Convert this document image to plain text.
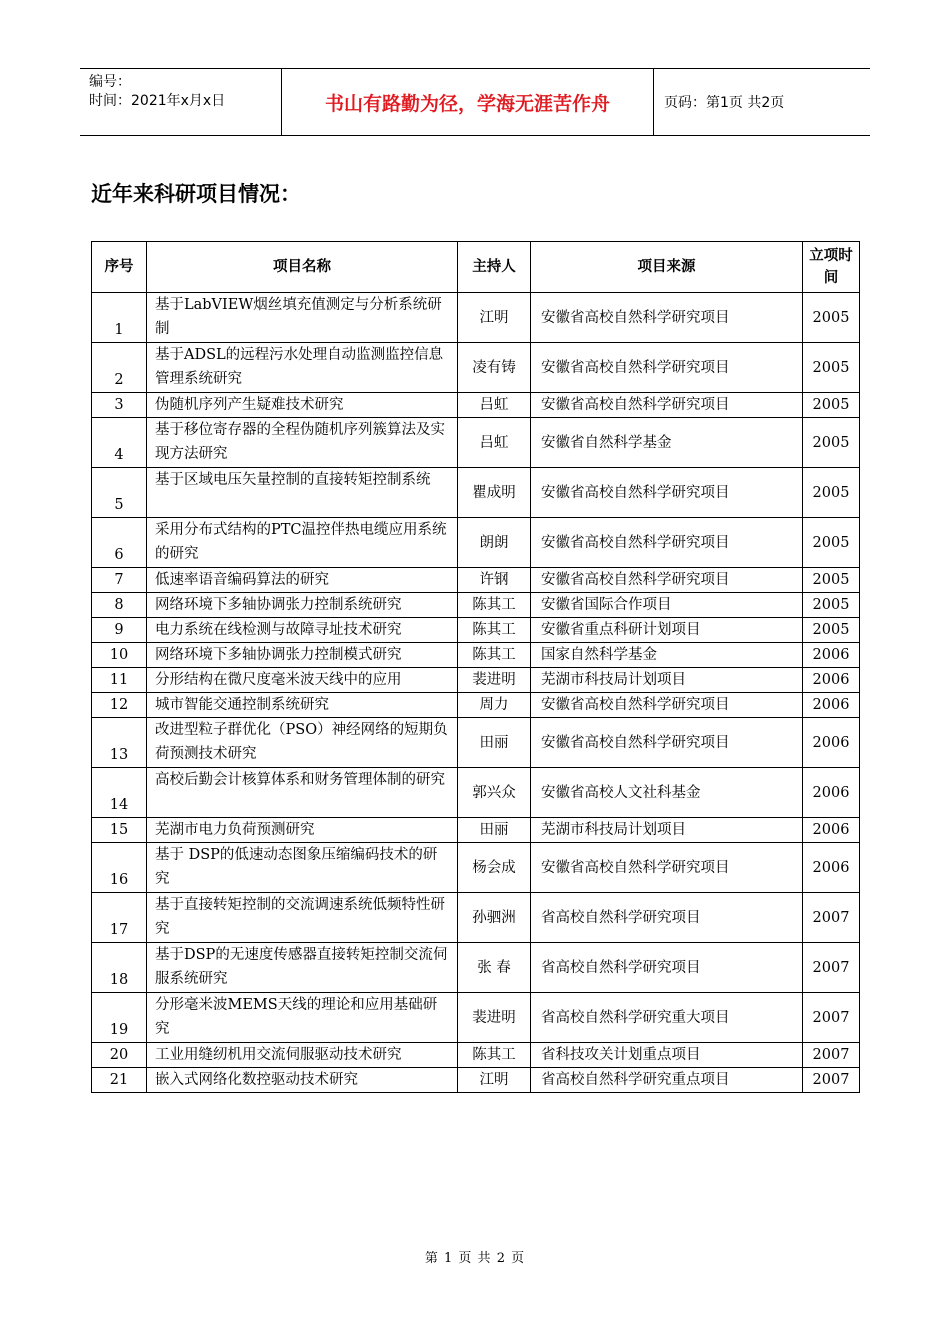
编号：
时间：2021年x月x日	书山有路勤为径，学海无涯苦作舟	页码：第1页 共2页
近年来科研项目情况：
序号	项目名称	主持人	项目来源	立项时间
1	基于LabVIEW烟丝填充值测定与分析系统研制	江明	安徽省高校自然科学研究项目	2005
2	基于ADSL的远程污水处理自动监测监控信息管理系统研究	凌有铸	安徽省高校自然科学研究项目	2005
3	伪随机序列产生疑难技术研究	吕虹	安徽省高校自然科学研究项目	2005
4	基于移位寄存器的全程伪随机序列簇算法及实现方法研究	吕虹	安徽省自然科学基金	2005
5	基于区域电压矢量控制的直接转矩控制系统	瞿成明	安徽省高校自然科学研究项目	2005
6	采用分布式结构的PTC温控伴热电缆应用系统的研究	朗朗	安徽省高校自然科学研究项目	2005
7	低速率语音编码算法的研究	许钢	安徽省高校自然科学研究项目	2005
8	网络环境下多轴协调张力控制系统研究	陈其工	安徽省国际合作项目	2005
9	电力系统在线检测与故障寻址技术研究	陈其工	安徽省重点科研计划项目	2005
10	网络环境下多轴协调张力控制模式研究	陈其工	国家自然科学基金	2006
11	分形结构在微尺度毫米波天线中的应用	裴进明	芜湖市科技局计划项目	2006
12	城市智能交通控制系统研究	周力	安徽省高校自然科学研究项目	2006
13	改进型粒子群优化（PSO）神经网络的短期负荷预测技术研究	田丽	安徽省高校自然科学研究项目	2006
14	高校后勤会计核算体系和财务管理体制的研究	郭兴众	安徽省高校人文社科基金	2006
15	芜湖市电力负荷预测研究	田丽	芜湖市科技局计划项目	2006
16	基于 DSP的低速动态图象压缩编码技术的研究	杨会成	安徽省高校自然科学研究项目	2006
17	基于直接转矩控制的交流调速系统低频特性研究	孙驷洲	省高校自然科学研究项目	2007
18	基于DSP的无速度传感器直接转矩控制交流伺服系统研究	张 春	省高校自然科学研究项目	2007
19	分形毫米波MEMS天线的理论和应用基础研究	裴进明	省高校自然科学研究重大项目	2007
20	工业用缝纫机用交流伺服驱动技术研究	陈其工	省科技攻关计划重点项目	2007
21	嵌入式网络化数控驱动技术研究	江明	省高校自然科学研究重点项目	2007
第 1 页 共 2 页
